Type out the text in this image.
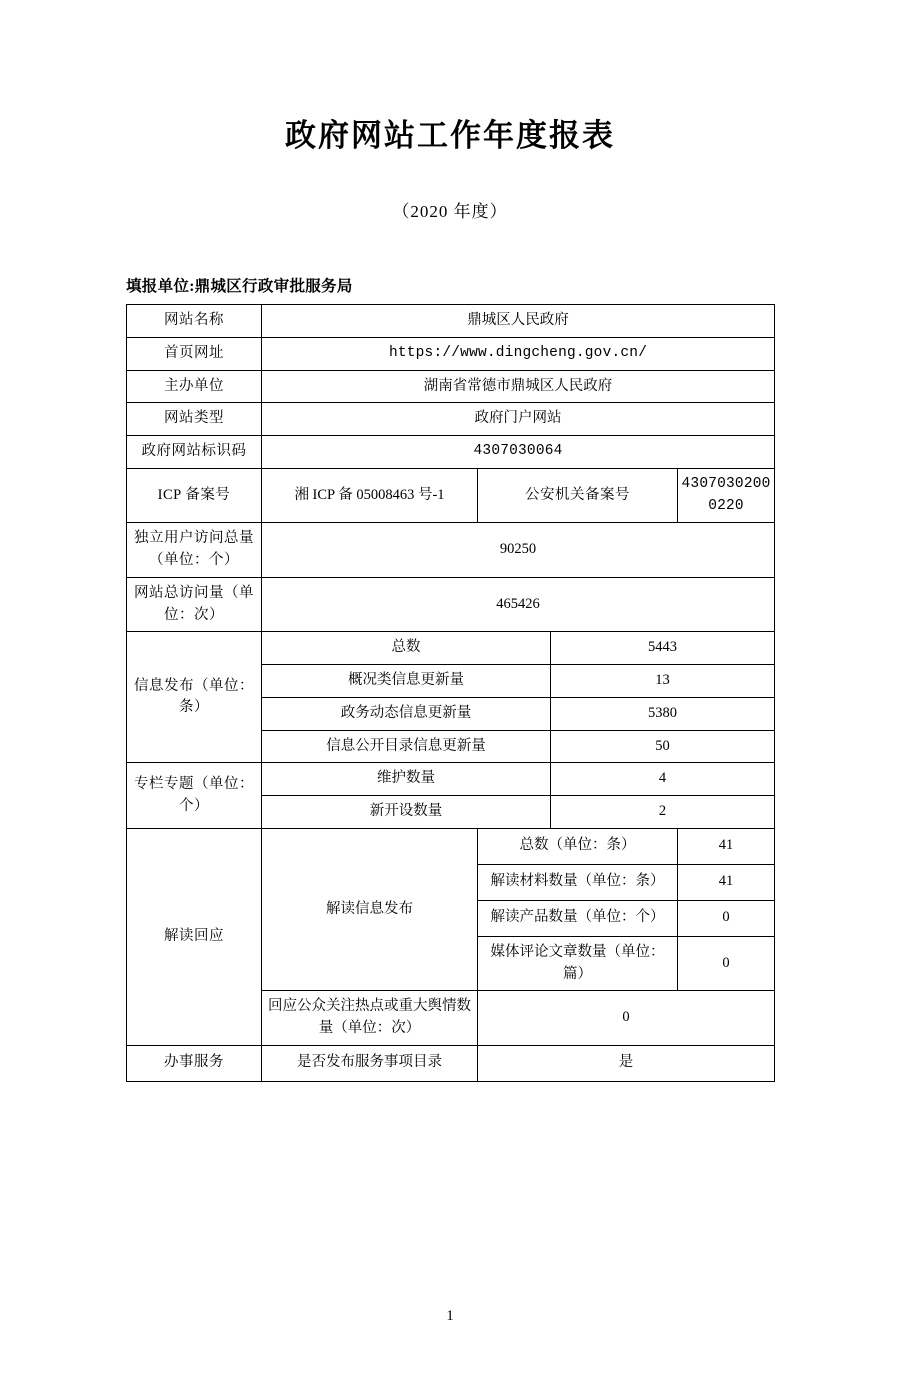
政府网站工作年度报表
（2020 年度）
填报单位:鼎城区行政审批服务局
网站名称	鼎城区人民政府			
首页网址	https://www.dingcheng.gov.cn/			
主办单位	湖南省常德市鼎城区人民政府			
网站类型	政府门户网站			
政府网站标识码	4307030064			
ICP 备案号	湘 ICP 备 05008463 号-1	公安机关备案号		43070302000220
独立用户访问总量（单位：个）	90250			
网站总访问量（单位：次）	465426			
信息发布（单位：条）	总数		5443	
	概况类信息更新量		13	
	政务动态信息更新量		5380	
	信息公开目录信息更新量		50	
专栏专题（单位：个）	维护数量		4	
	新开设数量		2	
解读回应	解读信息发布	总数（单位：条）		41
		解读材料数量（单位：条）		41
		解读产品数量（单位：个）		0
		媒体评论文章数量（单位：篇）		0
	回应公众关注热点或重大舆情数量（单位：次）	0		
办事服务	是否发布服务事项目录	是		
1
